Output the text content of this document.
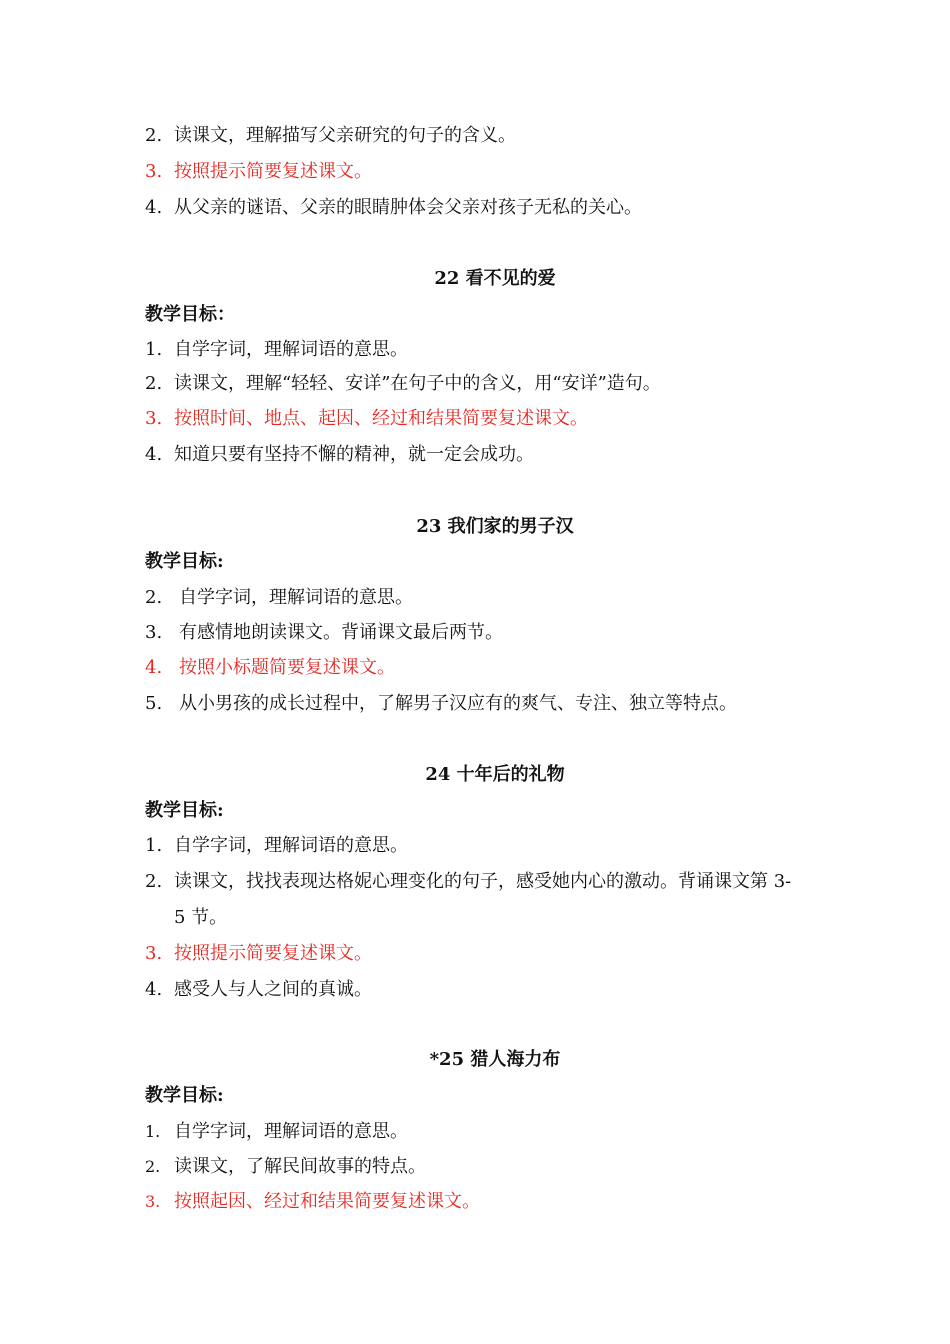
2. 读课文，理解描写父亲研究的句子的含义。
3. 按照提示简要复述课文。
4. 从父亲的谜语、父亲的眼睛肿体会父亲对孩子无私的关心。
22 看不见的爱
教学目标：
1. 自学字词，理解词语的意思。
2. 读课文，理解“轻轻、安详”在句子中的含义，用“安详”造句。
3. 按照时间、地点、起因、经过和结果简要复述课文。
4. 知道只要有坚持不懈的精神，就一定会成功。
23 我们家的男子汉
教学目标:
2. 自学字词，理解词语的意思。
3. 有感情地朗读课文。背诵课文最后两节。
4. 按照小标题简要复述课文。
5. 从小男孩的成长过程中，了解男子汉应有的爽气、专注、独立等特点。
24 十年后的礼物
教学目标:
1. 自学字词，理解词语的意思。
2. 读课文，找找表现达格妮心理变化的句子，感受她内心的激动。背诵课文第 3-
5 节。
3. 按照提示简要复述课文。
4. 感受人与人之间的真诚。
*25 猎人海力布
教学目标:
1. 自学字词，理解词语的意思。
2. 读课文，了解民间故事的特点。
3. 按照起因、经过和结果简要复述课文。
